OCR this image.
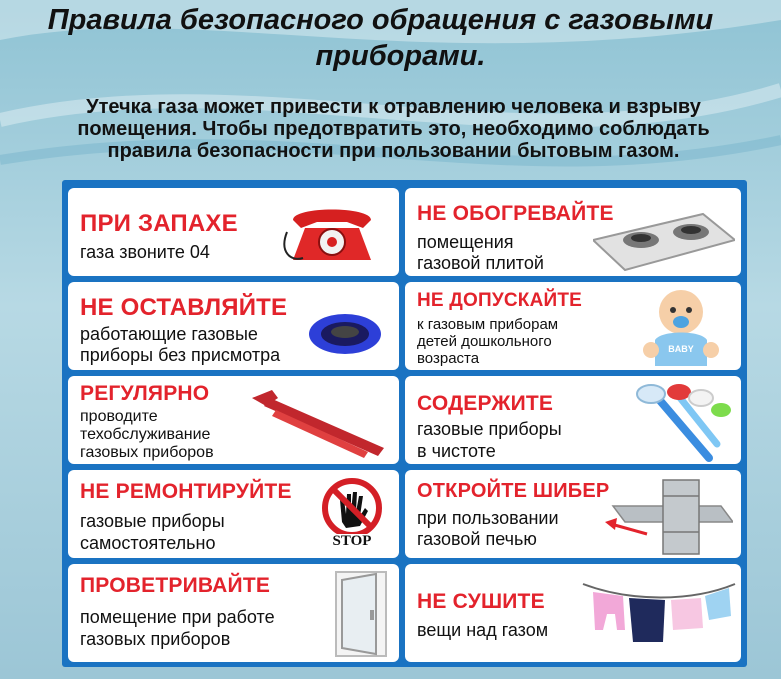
Правила безопасного обращения с газовыми
приборами.
Утечка газа может привести к отравлению человека и взрыву
помещения. Чтобы предотвратить это, необходимо соблюдать
правила безопасности при пользовании бытовым газом.
ПРИ ЗАПАХЕ
газа звоните 04
НЕ ОСТАВЛЯЙТЕ
работающие газовые
приборы без присмотра
РЕГУЛЯРНО
проводите
техобслуживание
газовых приборов
НЕ РЕМОНТИРУЙТЕ
газовые приборы
самостоятельно	STOP
ПРОВЕТРИВАЙТЕ
помещение при работе
газовых приборов
НЕ ОБОГРЕВАЙТЕ
помещения
газовой плитой
НЕ ДОПУСКАЙТЕ
к газовым приборам
детей дошкольного
возраста
BABY
СОДЕРЖИТЕ
газовые приборы
в чистоте
ОТКРОЙТЕ ШИБЕР
при пользовании
газовой печью
НЕ СУШИТЕ
вещи над газом
